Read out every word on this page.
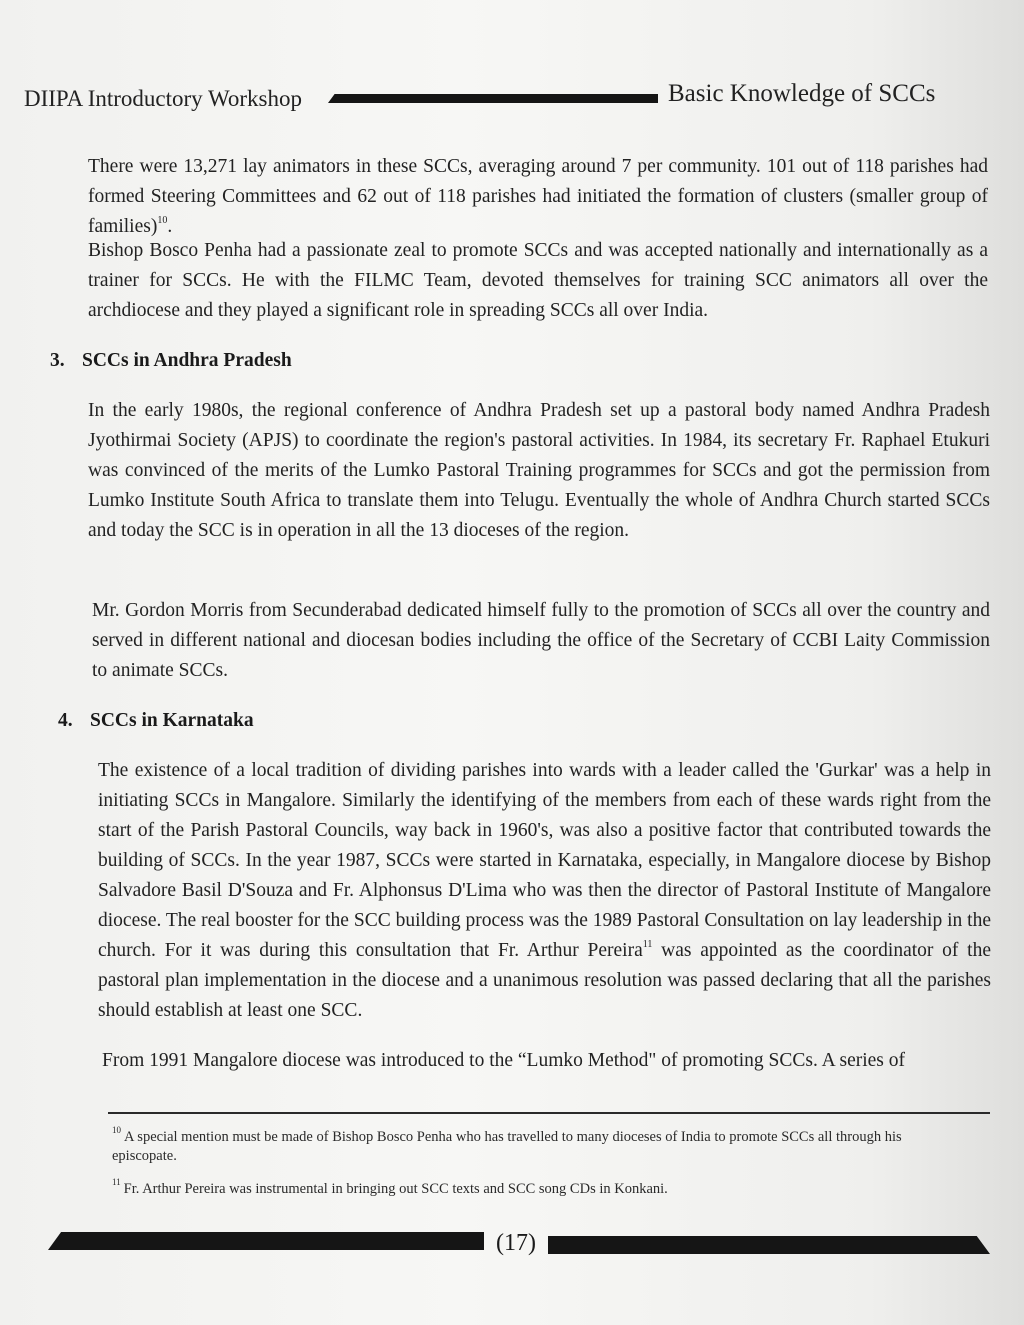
DIIPA Introductory Workshop	Basic Knowledge of SCCs
There were 13,271 lay animators in these SCCs, averaging around 7 per community. 101 out of 118 parishes had formed Steering Committees and 62 out of 118 parishes had initiated the formation of clusters (smaller group of families)$^{10}$.
Bishop Bosco Penha had a passionate zeal to promote SCCs and was accepted nationally and internationally as a trainer for SCCs. He with the FILMC Team, devoted themselves for training SCC animators all over the archdiocese and they played a significant role in spreading SCCs all over India.
3. SCCs in Andhra Pradesh
In the early 1980s, the regional conference of Andhra Pradesh set up a pastoral body named Andhra Pradesh Jyothirmai Society (APJS) to coordinate the region's pastoral activities. In 1984, its secretary Fr. Raphael Etukuri was convinced of the merits of the Lumko Pastoral Training programmes for SCCs and got the permission from Lumko Institute South Africa to translate them into Telugu. Eventually the whole of Andhra Church started SCCs and today the SCC is in operation in all the 13 dioceses of the region.
Mr. Gordon Morris from Secunderabad dedicated himself fully to the promotion of SCCs all over the country and served in different national and diocesan bodies including the office of the Secretary of CCBI Laity Commission to animate SCCs.
4. SCCs in Karnataka
The existence of a local tradition of dividing parishes into wards with a leader called the 'Gurkar' was a help in initiating SCCs in Mangalore. Similarly the identifying of the members from each of these wards right from the start of the Parish Pastoral Councils, way back in 1960's, was also a positive factor that contributed towards the building of SCCs. In the year 1987, SCCs were started in Karnataka, especially, in Mangalore diocese by Bishop Salvadore Basil D'Souza and Fr. Alphonsus D'Lima who was then the director of Pastoral Institute of Mangalore diocese. The real booster for the SCC building process was the 1989 Pastoral Consultation on lay leadership in the church. For it was during this consultation that Fr. Arthur Pereira$^{11}$ was appointed as the coordinator of the pastoral plan implementation in the diocese and a unanimous resolution was passed declaring that all the parishes should establish at least one SCC.
From 1991 Mangalore diocese was introduced to the “Lumko Method" of promoting SCCs. A series of
$^{10}$ A special mention must be made of Bishop Bosco Penha who has travelled to many dioceses of India to promote SCCs all through his episcopate.
$^{11}$ Fr. Arthur Pereira was instrumental in bringing out SCC texts and SCC song CDs in Konkani.
(17)
